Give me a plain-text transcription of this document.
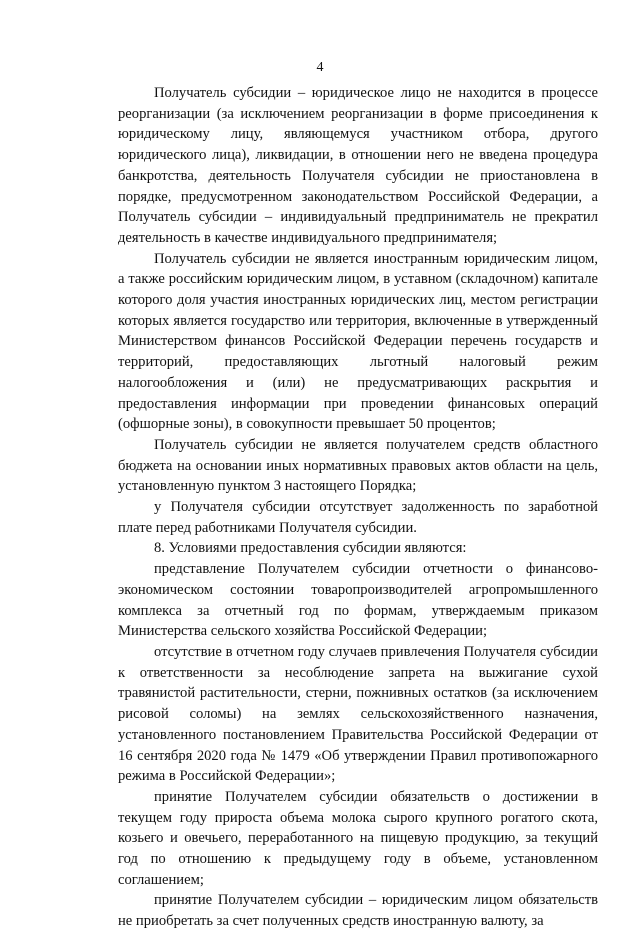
4

Получатель субсидии – юридическое лицо не находится в процессе реорганизации (за исключением реорганизации в форме присоединения к юридическому лицу, являющемуся участником отбора, другого юридического лица), ликвидации, в отношении него не введена процедура банкротства, деятельность Получателя субсидии не приостановлена в порядке, предусмотренном законодательством Российской Федерации, а Получатель субсидии – индивидуальный предприниматель не прекратил деятельность в качестве индивидуального предпринимателя;

Получатель субсидии не является иностранным юридическим лицом, а также российским юридическим лицом, в уставном (складочном) капитале которого доля участия иностранных юридических лиц, местом регистрации которых является государство или территория, включенные в утвержденный Министерством финансов Российской Федерации перечень государств и территорий, предоставляющих льготный налоговый режим налогообложения и (или) не предусматривающих раскрытия и предоставления информации при проведении финансовых операций (офшорные зоны), в совокупности превышает 50 процентов;

Получатель субсидии не является получателем средств областного бюджета на основании иных нормативных правовых актов области на цель, установленную пунктом 3 настоящего Порядка;

у Получателя субсидии отсутствует задолженность по заработной плате перед работниками Получателя субсидии.

8. Условиями предоставления субсидии являются:

представление Получателем субсидии отчетности о финансово-экономическом состоянии товаропроизводителей агропромышленного комплекса за отчетный год по формам, утверждаемым приказом Министерства сельского хозяйства Российской Федерации;

отсутствие в отчетном году случаев привлечения Получателя субсидии к ответственности за несоблюдение запрета на выжигание сухой травянистой растительности, стерни, пожнивных остатков (за исключением рисовой соломы) на землях сельскохозяйственного назначения, установленного постановлением Правительства Российской Федерации от 16 сентября 2020 года № 1479 «Об утверждении Правил противопожарного режима в Российской Федерации»;

принятие Получателем субсидии обязательств о достижении в текущем году прироста объема молока сырого крупного рогатого скота, козьего и овечьего, переработанного на пищевую продукцию, за текущий год по отношению к предыдущему году в объеме, установленном соглашением;

принятие Получателем субсидии – юридическим лицом обязательств не приобретать за счет полученных средств иностранную валюту, за
